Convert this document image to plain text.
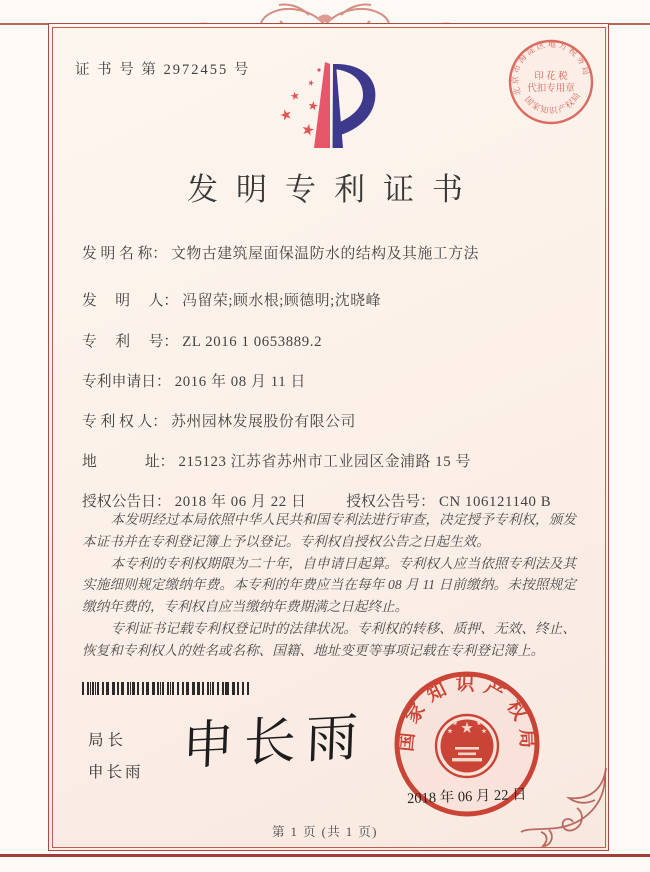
证 书 号 第 2972455 号
发明专利证书
发 明 名 称： 文物古建筑屋面保温防水的结构及其施工方法
发　 明　 人： 冯留荣;顾水根;顾德明;沈晓峰
专　 利　 号： ZL 2016 1 0653889.2
专利申请日： 2016 年 08 月 11 日
专 利 权 人： 苏州园林发展股份有限公司
地　　　 址： 215123 江苏省苏州市工业园区金浦路 15 号
授权公告日： 2018 年 06 月 22 日	授权公告号： CN 106121140 B

本发明经过本局依照中华人民共和国专利法进行审查，决定授予专利权，颁发本证书并在专利登记簿上予以登记。专利权自授权公告之日起生效。

本专利的专利权期限为二十年，自申请日起算。专利权人应当依照专利法及其实施细则规定缴纳年费。本专利的年费应当在每年 08 月 11 日前缴纳。未按照规定缴纳年费的，专利权自应当缴纳年费期满之日起终止。

专利证书记载专利权登记时的法律状况。专利权的转移、质押、无效、终止、恢复和专利权人的姓名或名称、国籍、地址变更等事项记载在专利登记簿上。

局长
申长雨 申长雨	国家知识产权局
2018 年 06 月 22 日
北京市海淀区地方税务局
国家知识产权局
印 花 税
代扣专用章
第 1 页 (共 1 页)
